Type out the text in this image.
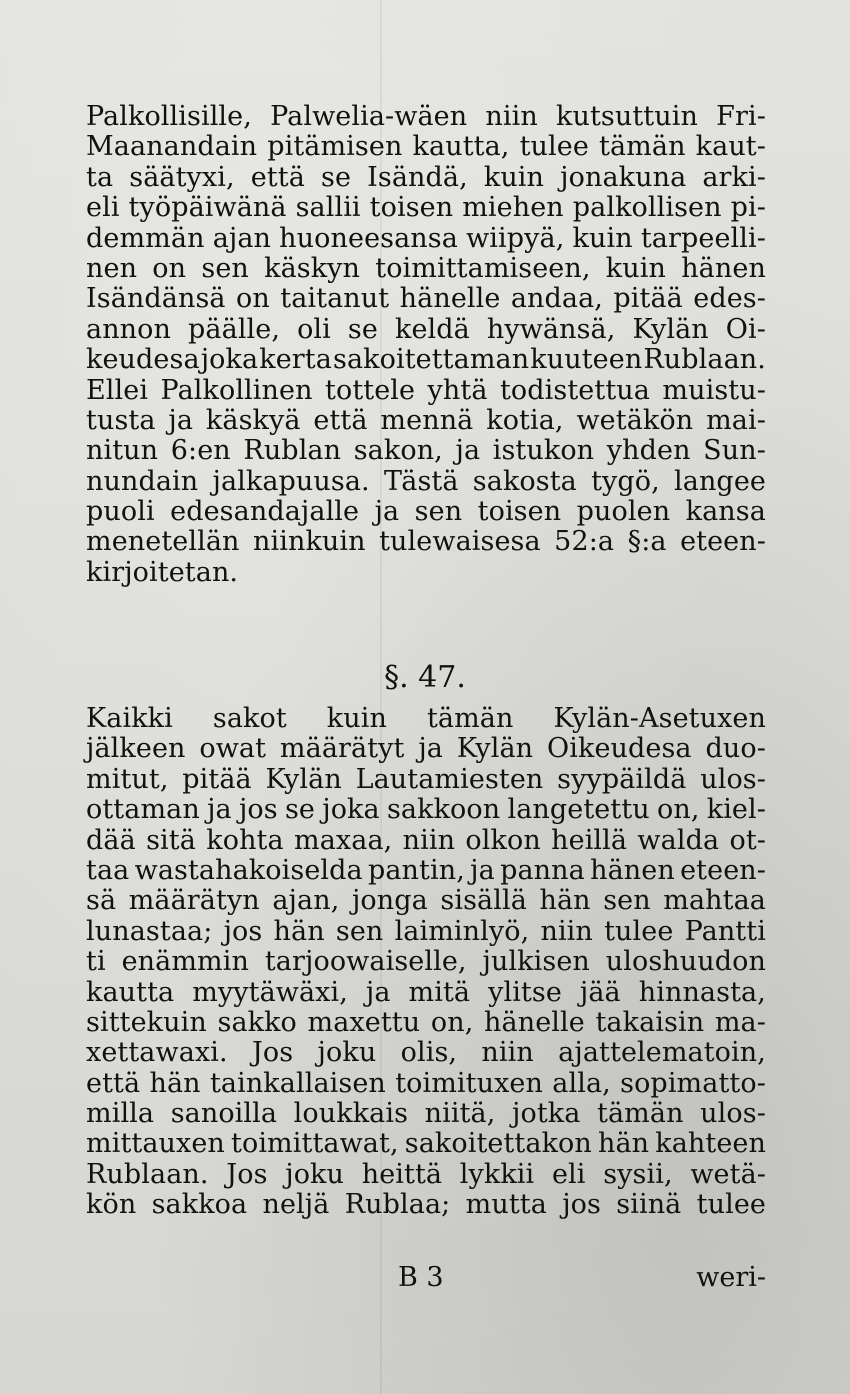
Palkollisille, Palwelia-wäen niin kutsuttuin Fri-
Maanandain pitämisen kautta, tulee tämän kaut-
ta säätyxi, että se Isändä, kuin jonakuna arki-
eli työpäiwänä sallii toisen miehen palkollisen pi-
demmän ajan huoneesansa wiipyä, kuin tarpeelli-
nen on sen käskyn toimittamiseen, kuin hänen
Isändänsä on taitanut hänelle andaa, pitää edes-
annon päälle, oli se keldä hywänsä, Kylän Oi-
keudesa joka kerta sakoitettaman kuuteen Rublaan.
Ellei Palkollinen tottele yhtä todistettua muistu-
tusta ja käskyä että mennä kotia, wetäkön mai-
nitun 6:en Rublan sakon, ja istukon yhden Sun-
nundain jalkapuusa. Tästä sakosta tygö, langee
puoli edesandajalle ja sen toisen puolen kansa
menetellän niinkuin tulewaisesa 52:a §:a eteen-
kirjoitetan.
§. 47.
Kaikki sakot kuin tämän Kylän-Asetuxen
jälkeen owat määrätyt ja Kylän Oikeudesa duo-
mitut, pitää Kylän Lautamiesten syypäildä ulos-
ottaman ja jos se joka sakkoon langetettu on, kiel-
dää sitä kohta maxaa, niin olkon heillä walda ot-
taa wastahakoiselda pantin, ja panna hänen eteen-
sä määrätyn ajan, jonga sisällä hän sen mahtaa
lunastaa; jos hän sen laiminlyö, niin tulee Pantti
ti enämmin tarjoowaiselle, julkisen uloshuudon
kautta myytäwäxi, ja mitä ylitse jää hinnasta,
sittekuin sakko maxettu on, hänelle takaisin ma-
xettawaxi. Jos joku olis, niin ajattelematoin,
että hän tainkallaisen toimituxen alla, sopimatto-
milla sanoilla loukkais niitä, jotka tämän ulos-
mittauxen toimittawat, sakoitettakon hän kahteen
Rublaan. Jos joku heittä lykkii eli sysii, wetä-
kön sakkoa neljä Rublaa; mutta jos siinä tulee
B 3	weri-
